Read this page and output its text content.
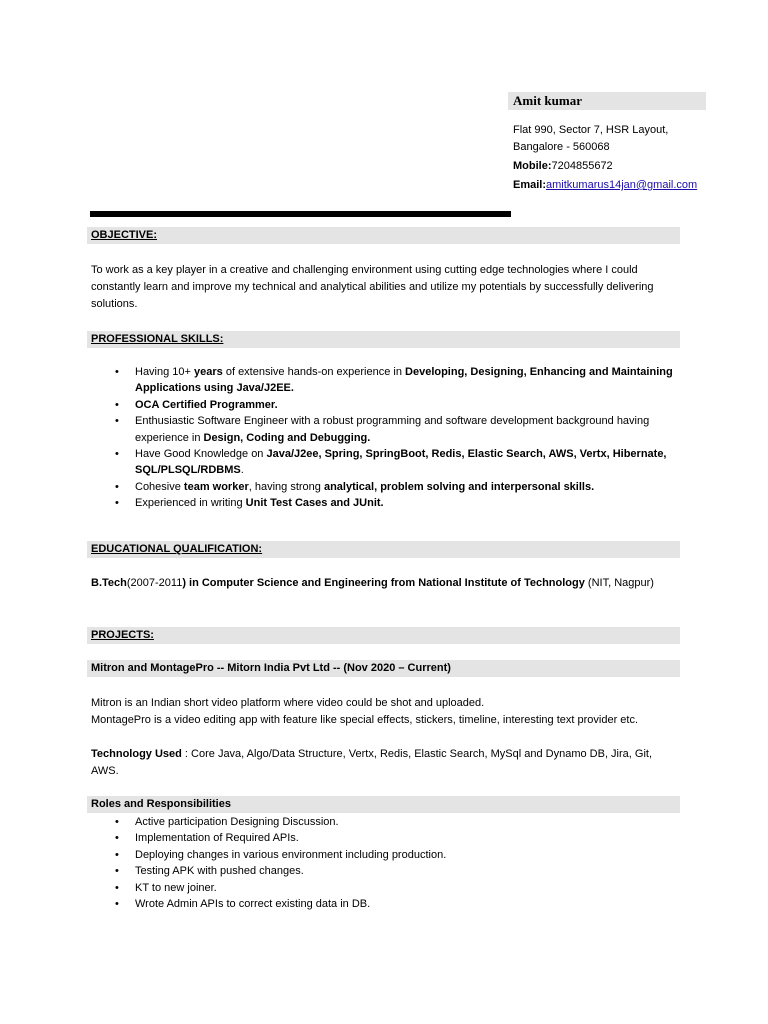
Amit kumar
Flat 990, Sector 7, HSR Layout,
Bangalore - 560068
Mobile:7204855672
Email:amitkumarus14jan@gmail.com
OBJECTIVE:
To work as a key player in a creative and challenging environment using cutting edge technologies where I could constantly learn and improve my technical and analytical abilities and utilize my potentials by successfully delivering solutions.
PROFESSIONAL SKILLS:
• Having 10+ years of extensive hands-on experience in Developing, Designing, Enhancing and Maintaining Applications using Java/J2EE.
• OCA Certified Programmer.
• Enthusiastic Software Engineer with a robust programming and software development background having experience in Design, Coding and Debugging.
• Have Good Knowledge on Java/J2ee, Spring, SpringBoot, Redis, Elastic Search, AWS, Vertx, Hibernate, SQL/PLSQL/RDBMS.
• Cohesive team worker, having strong analytical, problem solving and interpersonal skills.
• Experienced in writing Unit Test Cases and JUnit.
EDUCATIONAL QUALIFICATION:
B.Tech(2007-2011) in Computer Science and Engineering from National Institute of Technology (NIT, Nagpur)
PROJECTS:
Mitron and MontagePro -- Mitorn India Pvt Ltd -- (Nov 2020 – Current)
Mitron is an Indian short video platform where video could be shot and uploaded.
MontagePro is a video editing app with feature like special effects, stickers, timeline, interesting text provider etc.
Technology Used : Core Java, Algo/Data Structure, Vertx, Redis, Elastic Search, MySql and Dynamo DB, Jira, Git, AWS.
Roles and Responsibilities
• Active participation Designing Discussion.
• Implementation of Required APIs.
• Deploying changes in various environment including production.
• Testing APK with pushed changes.
• KT to new joiner.
• Wrote Admin APIs to correct existing data in DB.
